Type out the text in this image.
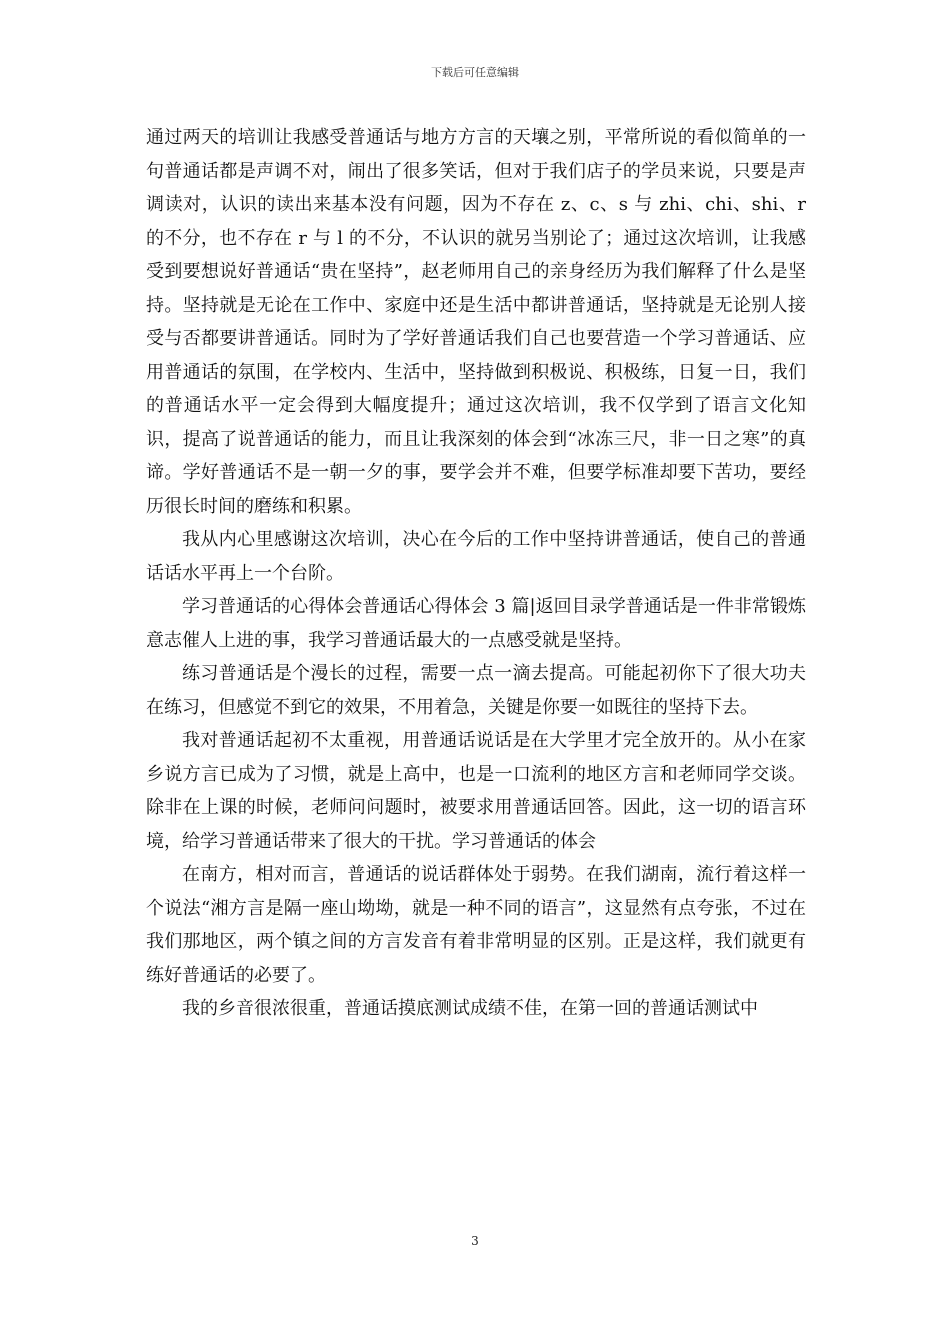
下载后可任意编辑

通过两天的培训让我感受普通话与地方方言的天壤之别，平常所说的看似简单的一句普通话都是声调不对，闹出了很多笑话，但对于我们店子的学员来说，只要是声调读对，认识的读出来基本没有问题，因为不存在 z、c、s 与 zhi、chi、shi、r 的不分，也不存在 r 与 l 的不分，不认识的就另当别论了；通过这次培训，让我感受到要想说好普通话“贵在坚持”，赵老师用自己的亲身经历为我们解释了什么是坚持。坚持就是无论在工作中、家庭中还是生活中都讲普通话，坚持就是无论别人接受与否都要讲普通话。同时为了学好普通话我们自己也要营造一个学习普通话、应用普通话的氛围，在学校内、生活中，坚持做到积极说、积极练，日复一日，我们的普通话水平一定会得到大幅度提升；通过这次培训，我不仅学到了语言文化知识，提高了说普通话的能力，而且让我深刻的体会到“冰冻三尺，非一日之寒”的真谛。学好普通话不是一朝一夕的事，要学会并不难，但要学标准却要下苦功，要经历很长时间的磨练和积累。

我从内心里感谢这次培训，决心在今后的工作中坚持讲普通话，使自己的普通话话水平再上一个台阶。

学习普通话的心得体会普通话心得体会 3 篇|返回目录学普通话是一件非常锻炼意志催人上进的事，我学习普通话最大的一点感受就是坚持。

练习普通话是个漫长的过程，需要一点一滴去提高。可能起初你下了很大功夫在练习，但感觉不到它的效果，不用着急，关键是你要一如既往的坚持下去。

我对普通话起初不太重视，用普通话说话是在大学里才完全放开的。从小在家乡说方言已成为了习惯，就是上高中，也是一口流利的地区方言和老师同学交谈。除非在上课的时候，老师问问题时，被要求用普通话回答。因此，这一切的语言环境，给学习普通话带来了很大的干扰。学习普通话的体会

在南方，相对而言，普通话的说话群体处于弱势。在我们湖南，流行着这样一个说法“湘方言是隔一座山坳坳，就是一种不同的语言”，这显然有点夸张，不过在我们那地区，两个镇之间的方言发音有着非常明显的区别。正是这样，我们就更有练好普通话的必要了。

我的乡音很浓很重，普通话摸底测试成绩不佳，在第一回的普通话测试中

3
